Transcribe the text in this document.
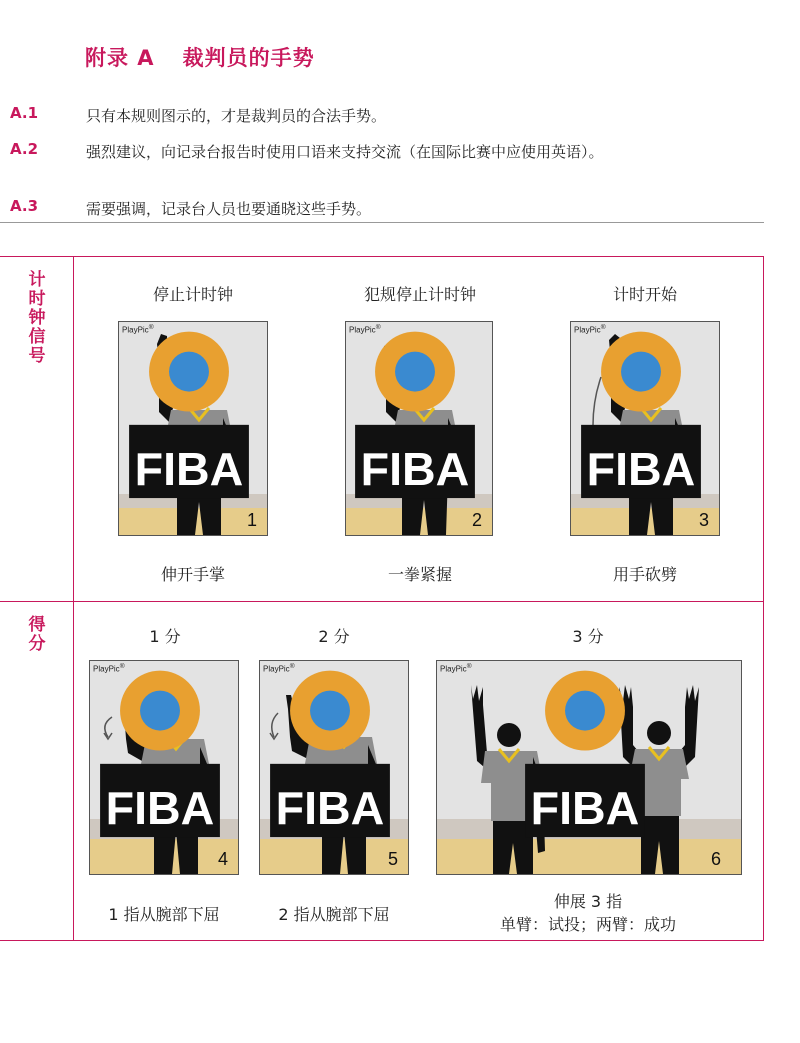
附录 A 裁判员的手势
A.1	只有本规则图示的，才是裁判员的合法手势。
A.2	强烈建议，向记录台报告时使用口语来支持交流（在国际比赛中应使用英语）。
A.3	需要强调，记录台人员也要通晓这些手势。
计
时
钟
信
号
得
分
停止计时钟	犯规停止计时钟	计时开始
PlayPic®
FIBA
1
PlayPic®
FIBA
2
PlayPic®
FIBA
3
伸开手掌	一拳紧握	用手砍劈
1 分	2 分	3 分
PlayPic®
FIBA
4
PlayPic®
FIBA
5
PlayPic®
FIBA
6
1 指从腕部下屈	2 指从腕部下屈
伸展 3 指
单臂：试投；两臂：成功
